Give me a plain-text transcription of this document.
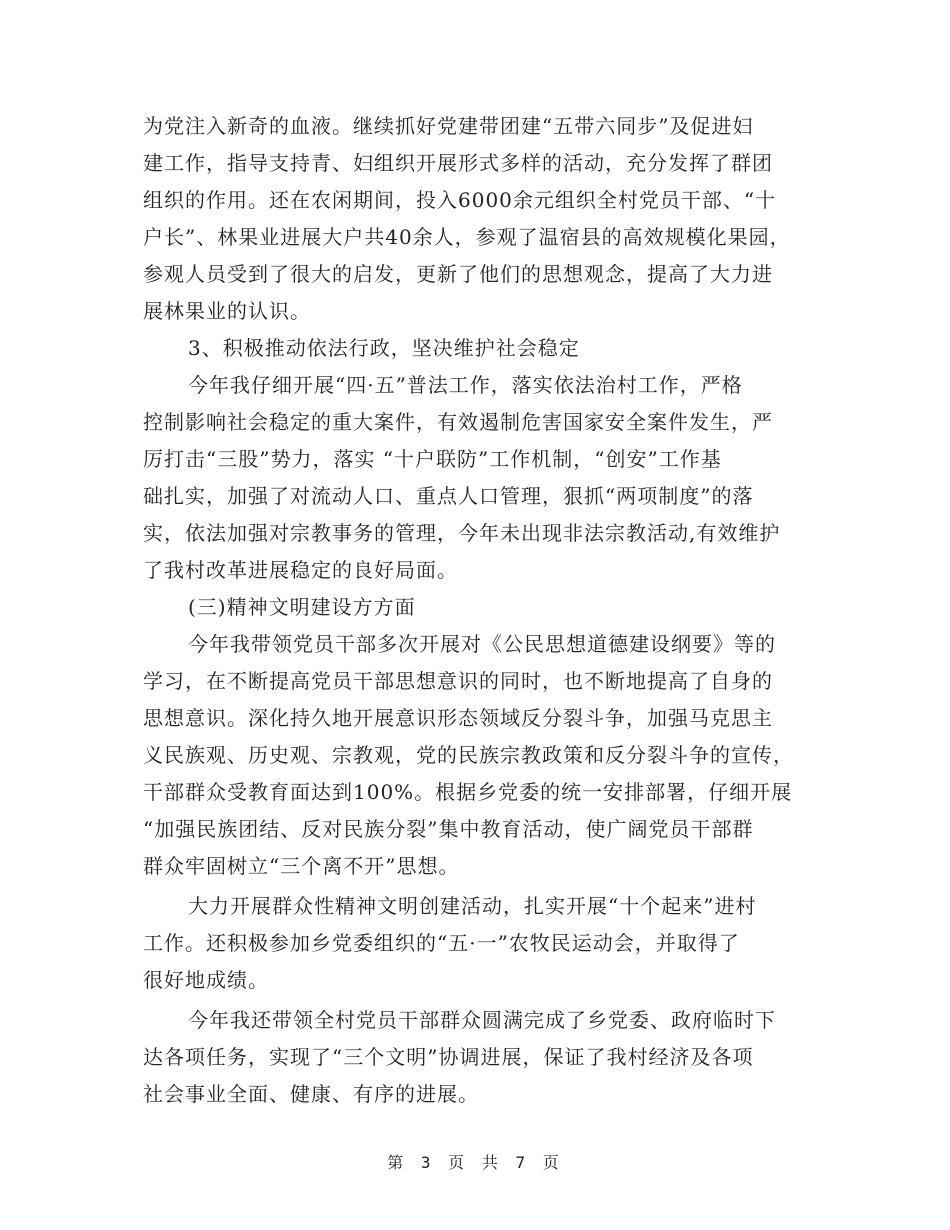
为党注入新奇的血液。继续抓好党建带团建“五带六同步”及促进妇
建工作，指导支持青、妇组织开展形式多样的活动，充分发挥了群团
组织的作用。还在农闲期间，投入6000余元组织全村党员干部、“十
户长”、林果业进展大户共40余人，参观了温宿县的高效规模化果园，
参观人员受到了很大的启发，更新了他们的思想观念，提高了大力进
展林果业的认识。
3、积极推动依法行政，坚决维护社会稳定
今年我仔细开展“四·五”普法工作，落实依法治村工作，严格
控制影响社会稳定的重大案件，有效遏制危害国家安全案件发生，严
厉打击“三股”势力，落实 “十户联防”工作机制，“创安”工作基
础扎实，加强了对流动人口、重点人口管理，狠抓“两项制度”的落
实，依法加强对宗教事务的管理，今年未出现非法宗教活动,有效维护
了我村改革进展稳定的良好局面。
(三)精神文明建设方方面
今年我带领党员干部多次开展对《公民思想道德建设纲要》等的
学习，在不断提高党员干部思想意识的同时，也不断地提高了自身的
思想意识。深化持久地开展意识形态领域反分裂斗争，加强马克思主
义民族观、历史观、宗教观，党的民族宗教政策和反分裂斗争的宣传，
干部群众受教育面达到100%。根据乡党委的统一安排部署，仔细开展
“加强民族团结、反对民族分裂”集中教育活动，使广阔党员干部群
群众牢固树立“三个离不开”思想。
大力开展群众性精神文明创建活动，扎实开展“十个起来”进村
工作。还积极参加乡党委组织的“五·一”农牧民运动会，并取得了
很好地成绩。
今年我还带领全村党员干部群众圆满完成了乡党委、政府临时下
达各项任务，实现了“三个文明”协调进展，保证了我村经济及各项
社会事业全面、健康、有序的进展。
第 3 页 共 7 页
